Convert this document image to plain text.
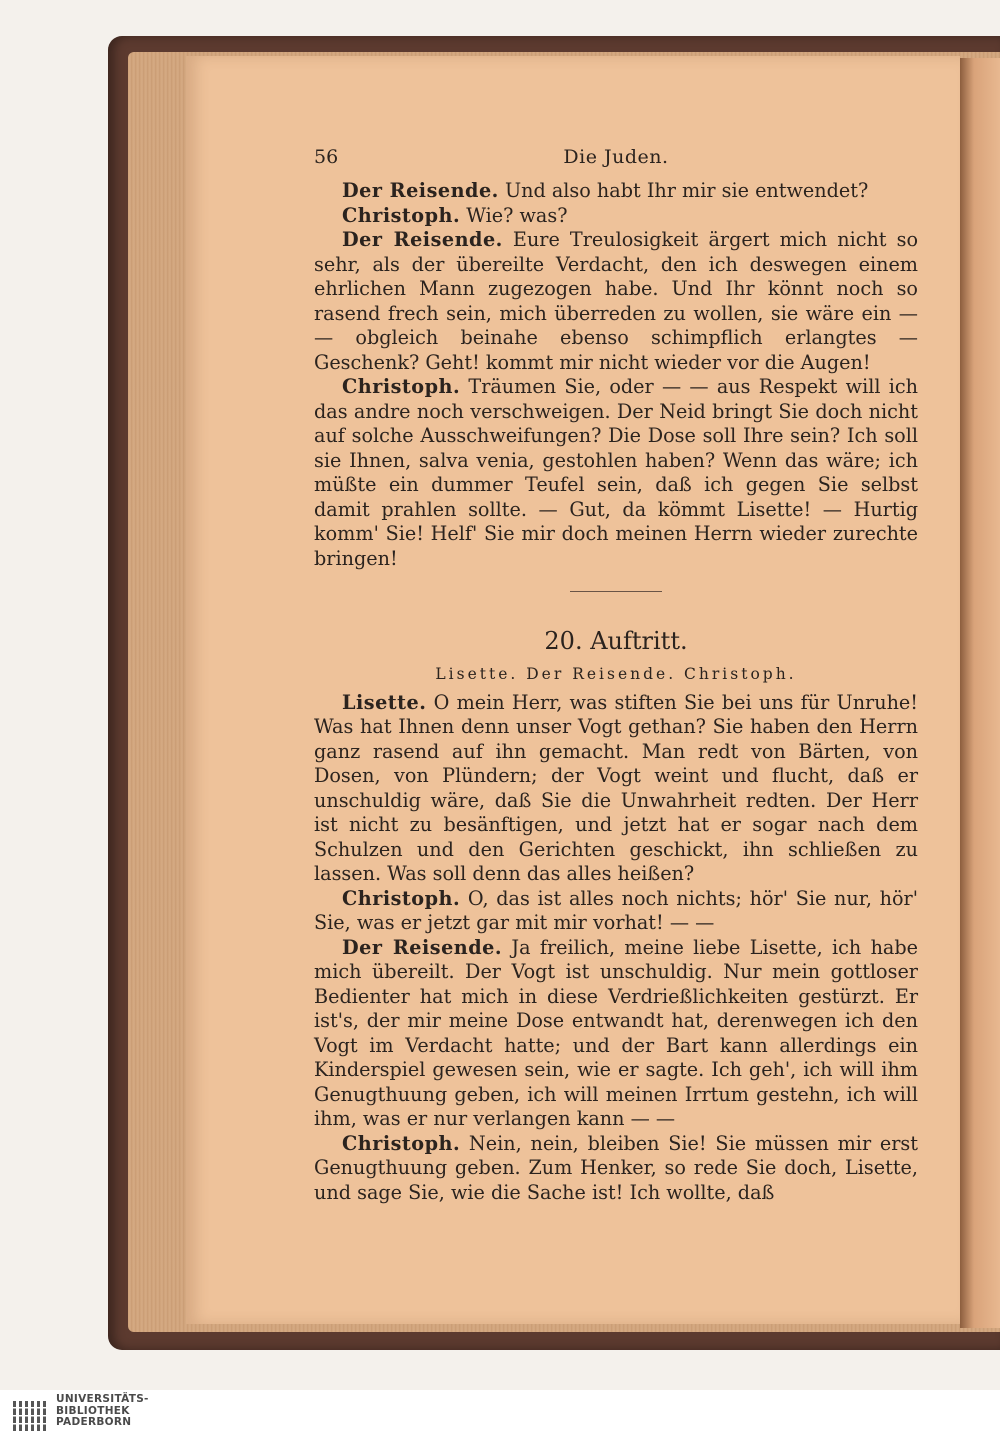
56	Die Juden.

Der Reisende. Und also habt Ihr mir sie entwendet?

Christoph. Wie? was?

Der Reisende. Eure Treulosigkeit ärgert mich nicht so sehr, als der übereilte Verdacht, den ich deswegen einem ehrlichen Mann zugezogen habe. Und Ihr könnt noch so rasend frech sein, mich überreden zu wollen, sie wäre ein — — obgleich beinahe ebenso schimpflich erlangtes — Geschenk? Geht! kommt mir nicht wieder vor die Augen!

Christoph. Träumen Sie, oder — — aus Respekt will ich das andre noch verschweigen. Der Neid bringt Sie doch nicht auf solche Ausschweifungen? Die Dose soll Ihre sein? Ich soll sie Ihnen, salva venia, gestohlen haben? Wenn das wäre; ich müßte ein dummer Teufel sein, daß ich gegen Sie selbst damit prahlen sollte. — Gut, da kömmt Lisette! — Hurtig komm' Sie! Helf' Sie mir doch meinen Herrn wieder zurechte bringen!

20. Auftritt.
Lisette. Der Reisende. Christoph.

Lisette. O mein Herr, was stiften Sie bei uns für Unruhe! Was hat Ihnen denn unser Vogt gethan? Sie haben den Herrn ganz rasend auf ihn gemacht. Man redt von Bärten, von Dosen, von Plündern; der Vogt weint und flucht, daß er unschuldig wäre, daß Sie die Unwahrheit redten. Der Herr ist nicht zu besänftigen, und jetzt hat er sogar nach dem Schulzen und den Gerichten geschickt, ihn schließen zu lassen. Was soll denn das alles heißen?

Christoph. O, das ist alles noch nichts; hör' Sie nur, hör' Sie, was er jetzt gar mit mir vorhat! — —

Der Reisende. Ja freilich, meine liebe Lisette, ich habe mich übereilt. Der Vogt ist unschuldig. Nur mein gottloser Bedienter hat mich in diese Verdrießlichkeiten gestürzt. Er ist's, der mir meine Dose entwandt hat, derenwegen ich den Vogt im Verdacht hatte; und der Bart kann allerdings ein Kinderspiel gewesen sein, wie er sagte. Ich geh', ich will ihm Genugthuung geben, ich will meinen Irrtum gestehn, ich will ihm, was er nur verlangen kann — —

Christoph. Nein, nein, bleiben Sie! Sie müssen mir erst Genugthuung geben. Zum Henker, so rede Sie doch, Lisette, und sage Sie, wie die Sache ist! Ich wollte, daß

UNIVERSITÄTS-
BIBLIOTHEK
PADERBORN
